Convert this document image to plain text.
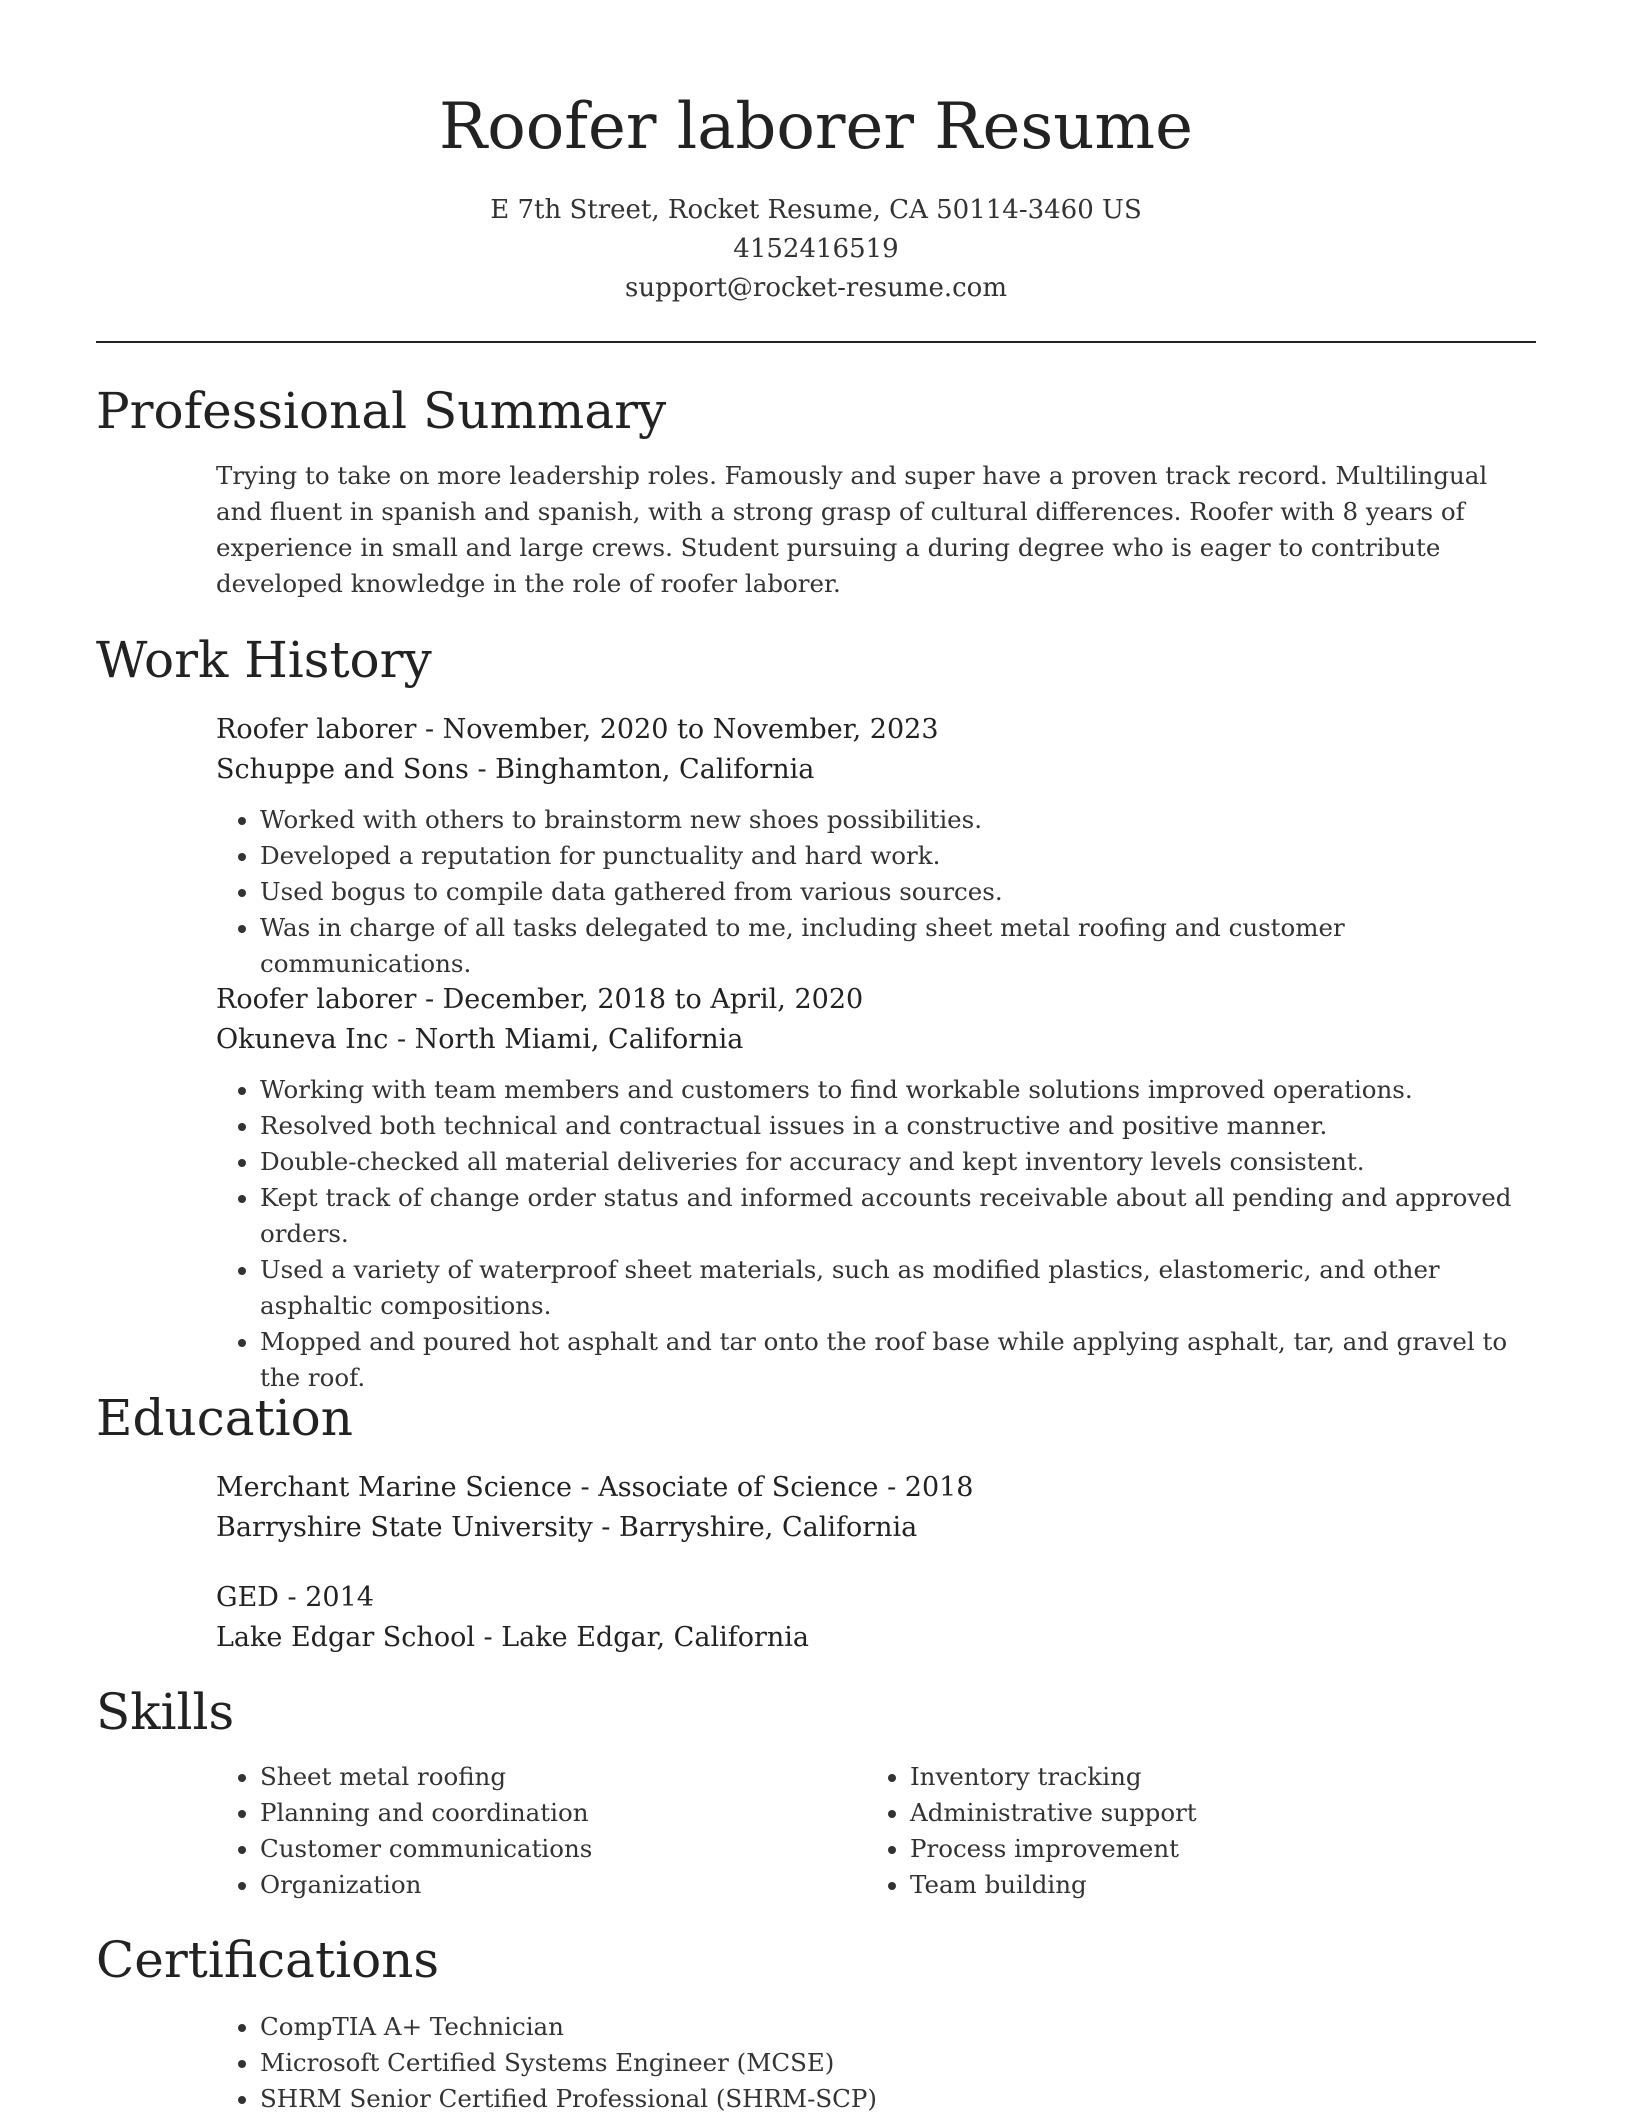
Roofer laborer Resume
E 7th Street, Rocket Resume, CA 50114-3460 US
4152416519
support@rocket-resume.com
Professional Summary

Trying to take on more leadership roles. Famously and super have a proven track record. Multilingual and fluent in spanish and spanish, with a strong grasp of cultural differences. Roofer with 8 years of experience in small and large crews. Student pursuing a during degree who is eager to contribute developed knowledge in the role of roofer laborer.

Work History
Roofer laborer - November, 2020 to November, 2023
Schuppe and Sons - Binghamton, California
• Worked with others to brainstorm new shoes possibilities.
• Developed a reputation for punctuality and hard work.
• Used bogus to compile data gathered from various sources.
• Was in charge of all tasks delegated to me, including sheet metal roofing and customer communications.
Roofer laborer - December, 2018 to April, 2020
Okuneva Inc - North Miami, California
• Working with team members and customers to find workable solutions improved operations.
• Resolved both technical and contractual issues in a constructive and positive manner.
• Double-checked all material deliveries for accuracy and kept inventory levels consistent.
• Kept track of change order status and informed accounts receivable about all pending and approved orders.
• Used a variety of waterproof sheet materials, such as modified plastics, elastomeric, and other asphaltic compositions.
• Mopped and poured hot asphalt and tar onto the roof base while applying asphalt, tar, and gravel to the roof.
Education
Merchant Marine Science - Associate of Science - 2018
Barryshire State University - Barryshire, California
GED - 2014
Lake Edgar School - Lake Edgar, California
Skills
• Sheet metal roofing
• Planning and coordination
• Customer communications
• Organization
• Inventory tracking
• Administrative support
• Process improvement
• Team building
Certifications
• CompTIA A+ Technician
• Microsoft Certified Systems Engineer (MCSE)
• SHRM Senior Certified Professional (SHRM-SCP)
